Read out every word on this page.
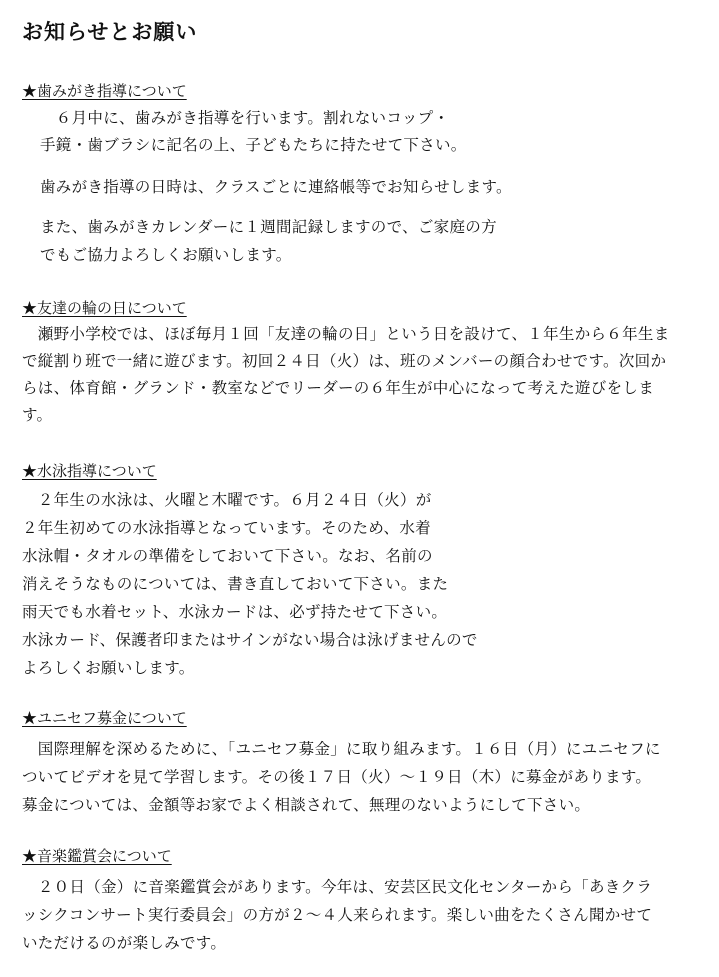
お知らせとお願い
★歯みがき指導について
　６月中に、歯みがき指導を行います。割れないコップ・
手鏡・歯ブラシに記名の上、子どもたちに持たせて下さい。
歯みがき指導の日時は、クラスごとに連絡帳等でお知らせします。
また、歯みがきカレンダーに１週間記録しますので、ご家庭の方
でもご協力よろしくお願いします。
★友達の輪の日について
　瀬野小学校では、ほぼ毎月１回「友達の輪の日」という日を設けて、１年生から６年生ま
で縦割り班で一緒に遊びます。初回２４日（火）は、班のメンバーの顔合わせです。次回か
らは、体育館・グランド・教室などでリーダーの６年生が中心になって考えた遊びをしま
す。
★水泳指導について
　２年生の水泳は、火曜と木曜です。６月２４日（火）が
２年生初めての水泳指導となっています。そのため、水着
水泳帽・タオルの準備をしておいて下さい。なお、名前の
消えそうなものについては、書き直しておいて下さい。また
雨天でも水着セット、水泳カードは、必ず持たせて下さい。
水泳カード、保護者印またはサインがない場合は泳げませんので
よろしくお願いします。
★ユニセフ募金について
　国際理解を深めるために、「ユニセフ募金」に取り組みます。１６日（月）にユニセフに
ついてビデオを見て学習します。その後１７日（火）～１９日（木）に募金があります。
募金については、金額等お家でよく相談されて、無理のないようにして下さい。
★音楽鑑賞会について
　２０日（金）に音楽鑑賞会があります。今年は、安芸区民文化センターから「あきクラ
ッシクコンサート実行委員会」の方が２～４人来られます。楽しい曲をたくさん聞かせて
いただけるのが楽しみです。
